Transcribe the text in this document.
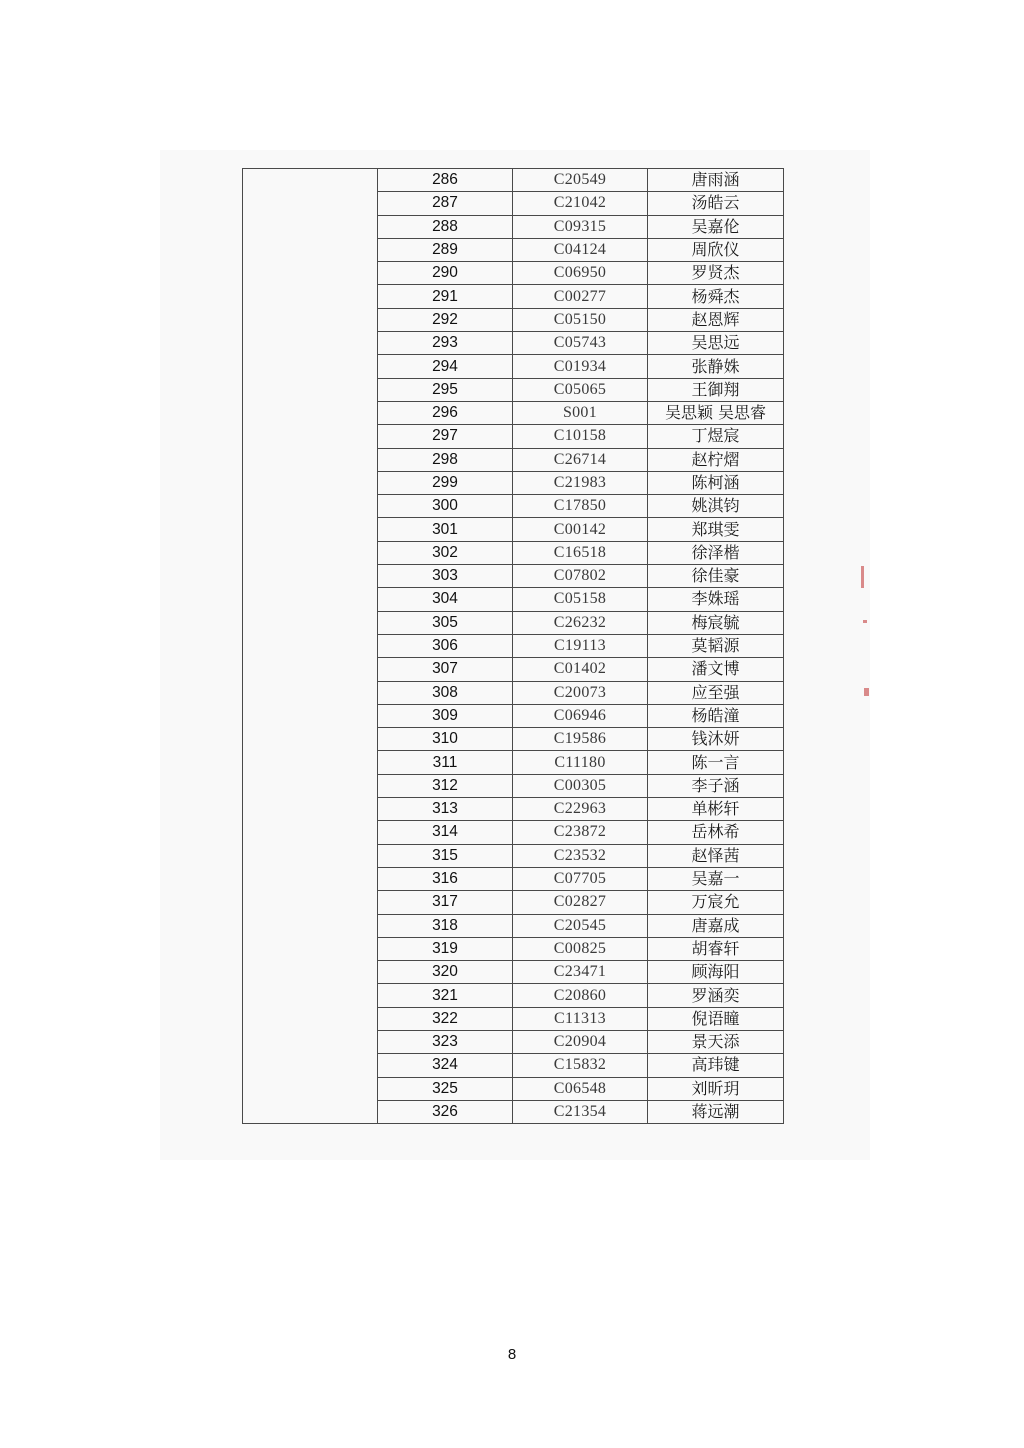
	286	C20549	唐雨涵
	287	C21042	汤皓云
	288	C09315	吴嘉伦
	289	C04124	周欣仪
	290	C06950	罗贤杰
	291	C00277	杨舜杰
	292	C05150	赵恩辉
	293	C05743	吴思远
	294	C01934	张静姝
	295	C05065	王御翔
	296	S001	吴思颖 吴思睿
	297	C10158	丁煜宸
	298	C26714	赵柠熠
	299	C21983	陈柯涵
	300	C17850	姚淇钧
	301	C00142	郑琪雯
	302	C16518	徐泽楷
	303	C07802	徐佳豪
	304	C05158	李姝瑶
	305	C26232	梅宸毓
	306	C19113	莫韬源
	307	C01402	潘文博
	308	C20073	应至强
	309	C06946	杨皓潼
	310	C19586	钱沐妍
	311	C11180	陈一言
	312	C00305	李子涵
	313	C22963	单彬轩
	314	C23872	岳林希
	315	C23532	赵怿茜
	316	C07705	吴嘉一
	317	C02827	万宸允
	318	C20545	唐嘉成
	319	C00825	胡睿轩
	320	C23471	顾海阳
	321	C20860	罗涵奕
	322	C11313	倪语瞳
	323	C20904	景天添
	324	C15832	高玮键
	325	C06548	刘昕玥
	326	C21354	蒋远潮
8
